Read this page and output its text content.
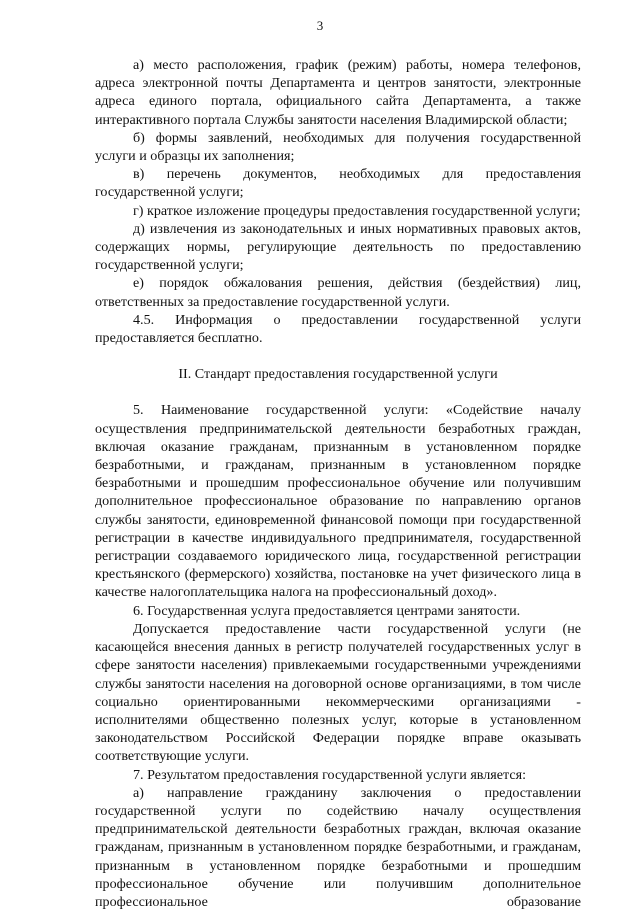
3

а) место расположения, график (режим) работы, номера телефонов, адреса электронной почты Департамента и центров занятости, электронные адреса единого портала, официального сайта Департамента, а также интерактивного портала Службы занятости населения Владимирской области;

б) формы заявлений, необходимых для получения государственной услуги и образцы их заполнения;

в) перечень документов, необходимых для предоставления государственной услуги;

г) краткое изложение процедуры предоставления государственной услуги;

д) извлечения из законодательных и иных нормативных правовых актов, содержащих нормы, регулирующие деятельность по предоставлению государственной услуги;

е) порядок обжалования решения, действия (бездействия) лиц, ответственных за предоставление государственной услуги.

4.5. Информация о предоставлении государственной услуги предоставляется бесплатно.

II. Стандарт предоставления государственной услуги

5. Наименование государственной услуги: «Содействие началу осуществления предпринимательской деятельности безработных граждан, включая оказание гражданам, признанным в установленном порядке безработными, и гражданам, признанным в установленном порядке безработными и прошедшим профессиональное обучение или получившим дополнительное профессиональное образование по направлению органов службы занятости, единовременной финансовой помощи при государственной регистрации в качестве индивидуального предпринимателя, государственной регистрации создаваемого юридического лица, государственной регистрации крестьянского (фермерского) хозяйства, постановке на учет физического лица в качестве налогоплательщика налога на профессиональный доход».

6. Государственная услуга предоставляется центрами занятости.

Допускается предоставление части государственной услуги (не касающейся внесения данных в регистр получателей государственных услуг в сфере занятости населения) привлекаемыми государственными учреждениями службы занятости населения на договорной основе организациями, в том числе социально ориентированными некоммерческими организациями - исполнителями общественно полезных услуг, которые в установленном законодательством Российской Федерации порядке вправе оказывать соответствующие услуги.

7. Результатом предоставления государственной услуги является:

а) направление гражданину заключения о предоставлении государственной услуги по содействию началу осуществления предпринимательской деятельности безработных граждан, включая оказание гражданам, признанным в установленном порядке безработными, и гражданам, признанным в установленном порядке безработными и прошедшим профессиональное обучение или получившим дополнительное профессиональное образование
